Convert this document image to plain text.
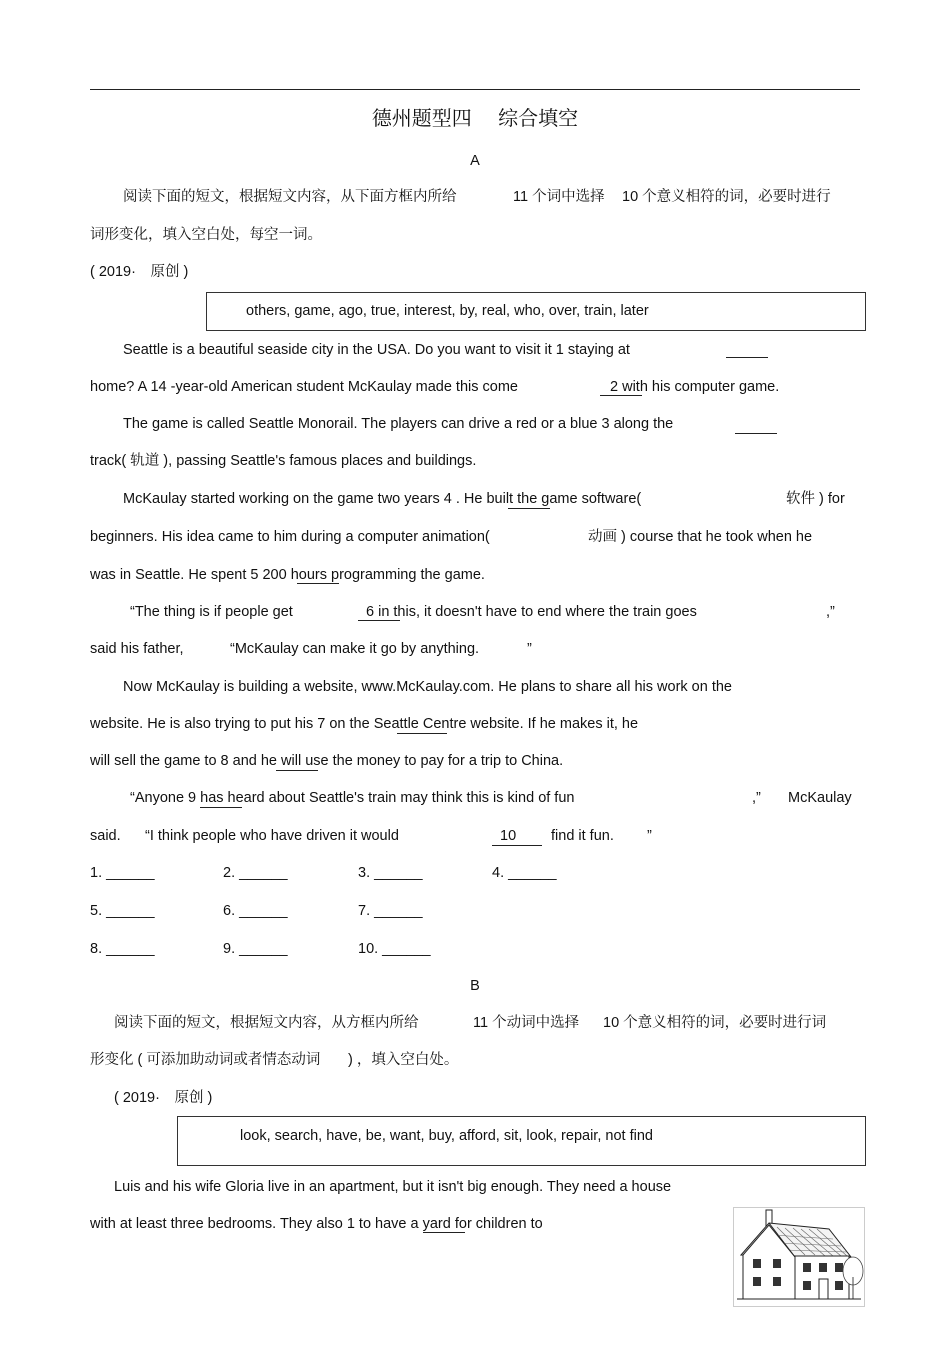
德州题型四　 综合填空
A
阅读下面的短文，根据短文内容，从下面方框内所给	11 个词中选择 10 个意义相符的词，必要时进行
词形变化，填入空白处，每空一词。
( 2019·　原创 )
others, game, ago, true, interest, by, real, who, over, train, later
Seattle is a beautiful seaside city in the USA. Do you want to visit it 1 staying at
home? A 14 -year-old American student McKaulay made this come	2 with his computer game.
The game is called Seattle Monorail. The players can drive a red or a blue 3 along the
track( 轨道 ), passing Seattle's famous places and buildings.
McKaulay started working on the game two years 4 . He built the game software(	软件 ) for
beginners. His idea came to him during a computer animation(	动画 ) course that he took when he
was in Seattle. He spent 5 200 hours programming the game.
“The thing is if people get	6 in this, it doesn't have to end where the train goes	,”
said his father,	“McKaulay can make it go by anything.	”
Now McKaulay is building a website, www.McKaulay.com. He plans to share all his work on the
website. He is also trying to put his 7 on the Seattle Centre website. If he makes it, he
will sell the game to 8 and he will use the money to pay for a trip to China.
“Anyone 9 has heard about Seattle's train may think this is kind of fun	,” McKaulay
said. “I think people who have driven it would	10 find it fun. ”
1. ______	2. ______	3. ______	4. ______
5. ______	6. ______	7. ______
8. ______	9. ______	10. ______
B
阅读下面的短文，根据短文内容，从方框内所给	11 个动词中选择 10 个意义相符的词，必要时进行词
形变化 ( 可添加助动词或者情态动词 ) ，填入空白处。
( 2019·　原创 )
look, search, have, be, want, buy, afford, sit, look, repair, not find
Luis and his wife Gloria live in an apartment, but it isn't big enough. They need a house
with at least three bedrooms. They also 1 to have a yard for children to
